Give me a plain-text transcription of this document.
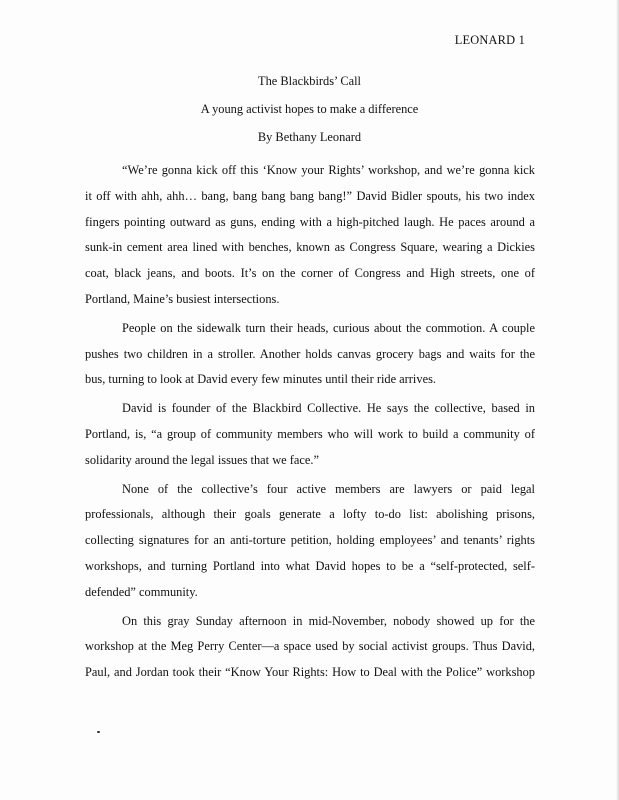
LEONARD 1
The Blackbirds’ Call
A young activist hopes to make a difference
By Bethany Leonard
“We’re gonna kick off this ‘Know your Rights’ workshop, and we’re gonna kick
it off with ahh, ahh… bang, bang bang bang bang!” David Bidler spouts, his two index
fingers pointing outward as guns, ending with a high-pitched laugh. He paces around a
sunk-in cement area lined with benches, known as Congress Square, wearing a Dickies
coat, black jeans, and boots. It’s on the corner of Congress and High streets, one of
Portland, Maine’s busiest intersections.
People on the sidewalk turn their heads, curious about the commotion. A couple
pushes two children in a stroller. Another holds canvas grocery bags and waits for the
bus, turning to look at David every few minutes until their ride arrives.
David is founder of the Blackbird Collective. He says the collective, based in
Portland, is, “a group of community members who will work to build a community of
solidarity around the legal issues that we face.”
None of the collective’s four active members are lawyers or paid legal
professionals, although their goals generate a lofty to-do list: abolishing prisons,
collecting signatures for an anti-torture petition, holding employees’ and tenants’ rights
workshops, and turning Portland into what David hopes to be a “self-protected, self-
defended” community.
On this gray Sunday afternoon in mid-November, nobody showed up for the
workshop at the Meg Perry Center—a space used by social activist groups. Thus David,
Paul, and Jordan took their “Know Your Rights: How to Deal with the Police” workshop
